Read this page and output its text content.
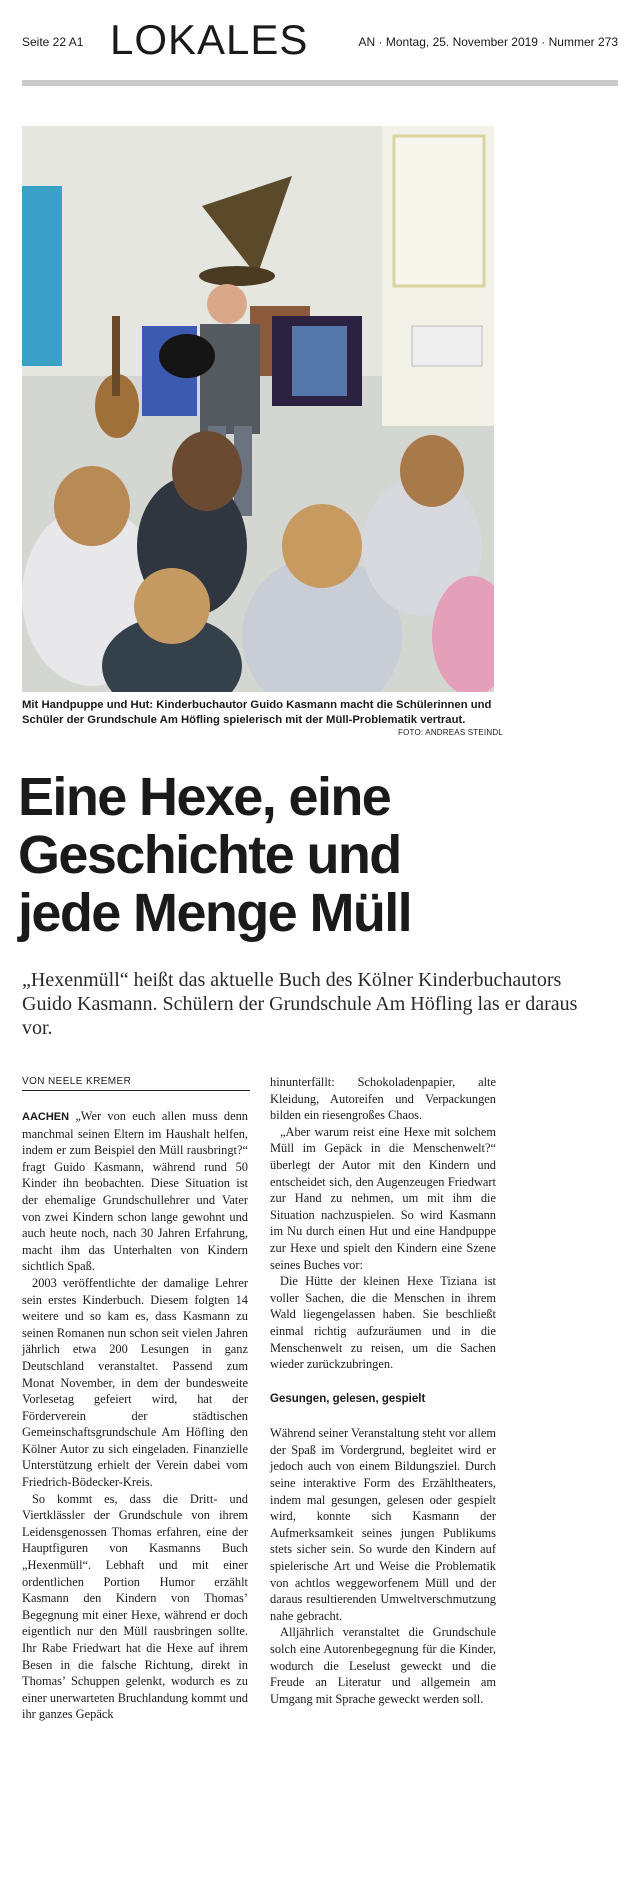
Seite 22 A1 LOKALES	AN · Montag, 25. November 2019 · Nummer 273
Mit Handpuppe und Hut: Kinderbuchautor Guido Kasmann macht die Schülerinnen und Schüler der Grundschule Am Höfling spielerisch mit der Müll-Problematik vertraut.
FOTO: ANDREAS STEINDL
Eine Hexe, eine
Geschichte und
jede Menge Müll
„Hexenmüll“ heißt das aktuelle Buch des Kölner Kinderbuchautors Guido Kasmann. Schülern der Grundschule Am Höfling las er daraus vor.
VON NEELE KREMER

AACHEN „Wer von euch allen muss denn manchmal seinen Eltern im Haushalt helfen, indem er zum Beispiel den Müll rausbringt?“ fragt Guido Kasmann, während rund 50 Kinder ihn beobachten. Diese Situation ist der ehemalige Grundschullehrer und Vater von zwei Kindern schon lange gewohnt und auch heute noch, nach 30 Jahren Erfahrung, macht ihm das Unterhalten von Kindern sichtlich Spaß.

2003 veröffentlichte der damalige Lehrer sein erstes Kinderbuch. Diesem folgten 14 weitere und so kam es, dass Kasmann zu seinen Romanen nun schon seit vielen Jahren jährlich etwa 200 Lesungen in ganz Deutschland veranstaltet. Passend zum Monat November, in dem der bundesweite Vorlesetag gefeiert wird, hat der Förderverein der städtischen Gemeinschaftsgrundschule Am Höfling den Kölner Autor zu sich eingeladen. Finanzielle Unterstützung erhielt der Verein dabei vom Friedrich-Bödecker-Kreis.

So kommt es, dass die Dritt- und Viertklässler der Grundschule von ihrem Leidensgenossen Thomas erfahren, eine der Hauptfiguren von Kasmanns Buch „Hexenmüll“. Lebhaft und mit einer ordentlichen Portion Humor erzählt Kasmann den Kindern von Thomas’ Begegnung mit einer Hexe, während er doch eigentlich nur den Müll rausbringen sollte. Ihr Rabe Friedwart hat die Hexe auf ihrem Besen in die falsche Richtung, direkt in Thomas’ Schuppen gelenkt, wodurch es zu einer unerwarteten Bruchlandung kommt und ihr ganzes Gepäck

hinunterfällt: Schokoladenpapier, alte Kleidung, Autoreifen und Verpackungen bilden ein riesengroßes Chaos.

„Aber warum reist eine Hexe mit solchem Müll im Gepäck in die Menschenwelt?“ überlegt der Autor mit den Kindern und entscheidet sich, den Augenzeugen Friedwart zur Hand zu nehmen, um mit ihm die Situation nachzuspielen. So wird Kasmann im Nu durch einen Hut und eine Handpuppe zur Hexe und spielt den Kindern eine Szene seines Buches vor:

Die Hütte der kleinen Hexe Tiziana ist voller Sachen, die die Menschen in ihrem Wald liegengelassen haben. Sie beschließt einmal richtig aufzuräumen und in die Menschenwelt zu reisen, um die Sachen wieder zurückzubringen.

Gesungen, gelesen, gespielt

Während seiner Veranstaltung steht vor allem der Spaß im Vordergrund, begleitet wird er jedoch auch von einem Bildungsziel. Durch seine interaktive Form des Erzähltheaters, indem mal gesungen, gelesen oder gespielt wird, konnte sich Kasmann der Aufmerksamkeit seines jungen Publikums stets sicher sein. So wurde den Kindern auf spielerische Art und Weise die Problematik von achtlos weggeworfenem Müll und der daraus resultierenden Umweltverschmutzung nahe gebracht.

Alljährlich veranstaltet die Grundschule solch eine Autorenbegegnung für die Kinder, wodurch die Leselust geweckt und die Freude an Literatur und allgemein am Umgang mit Sprache geweckt werden soll.
